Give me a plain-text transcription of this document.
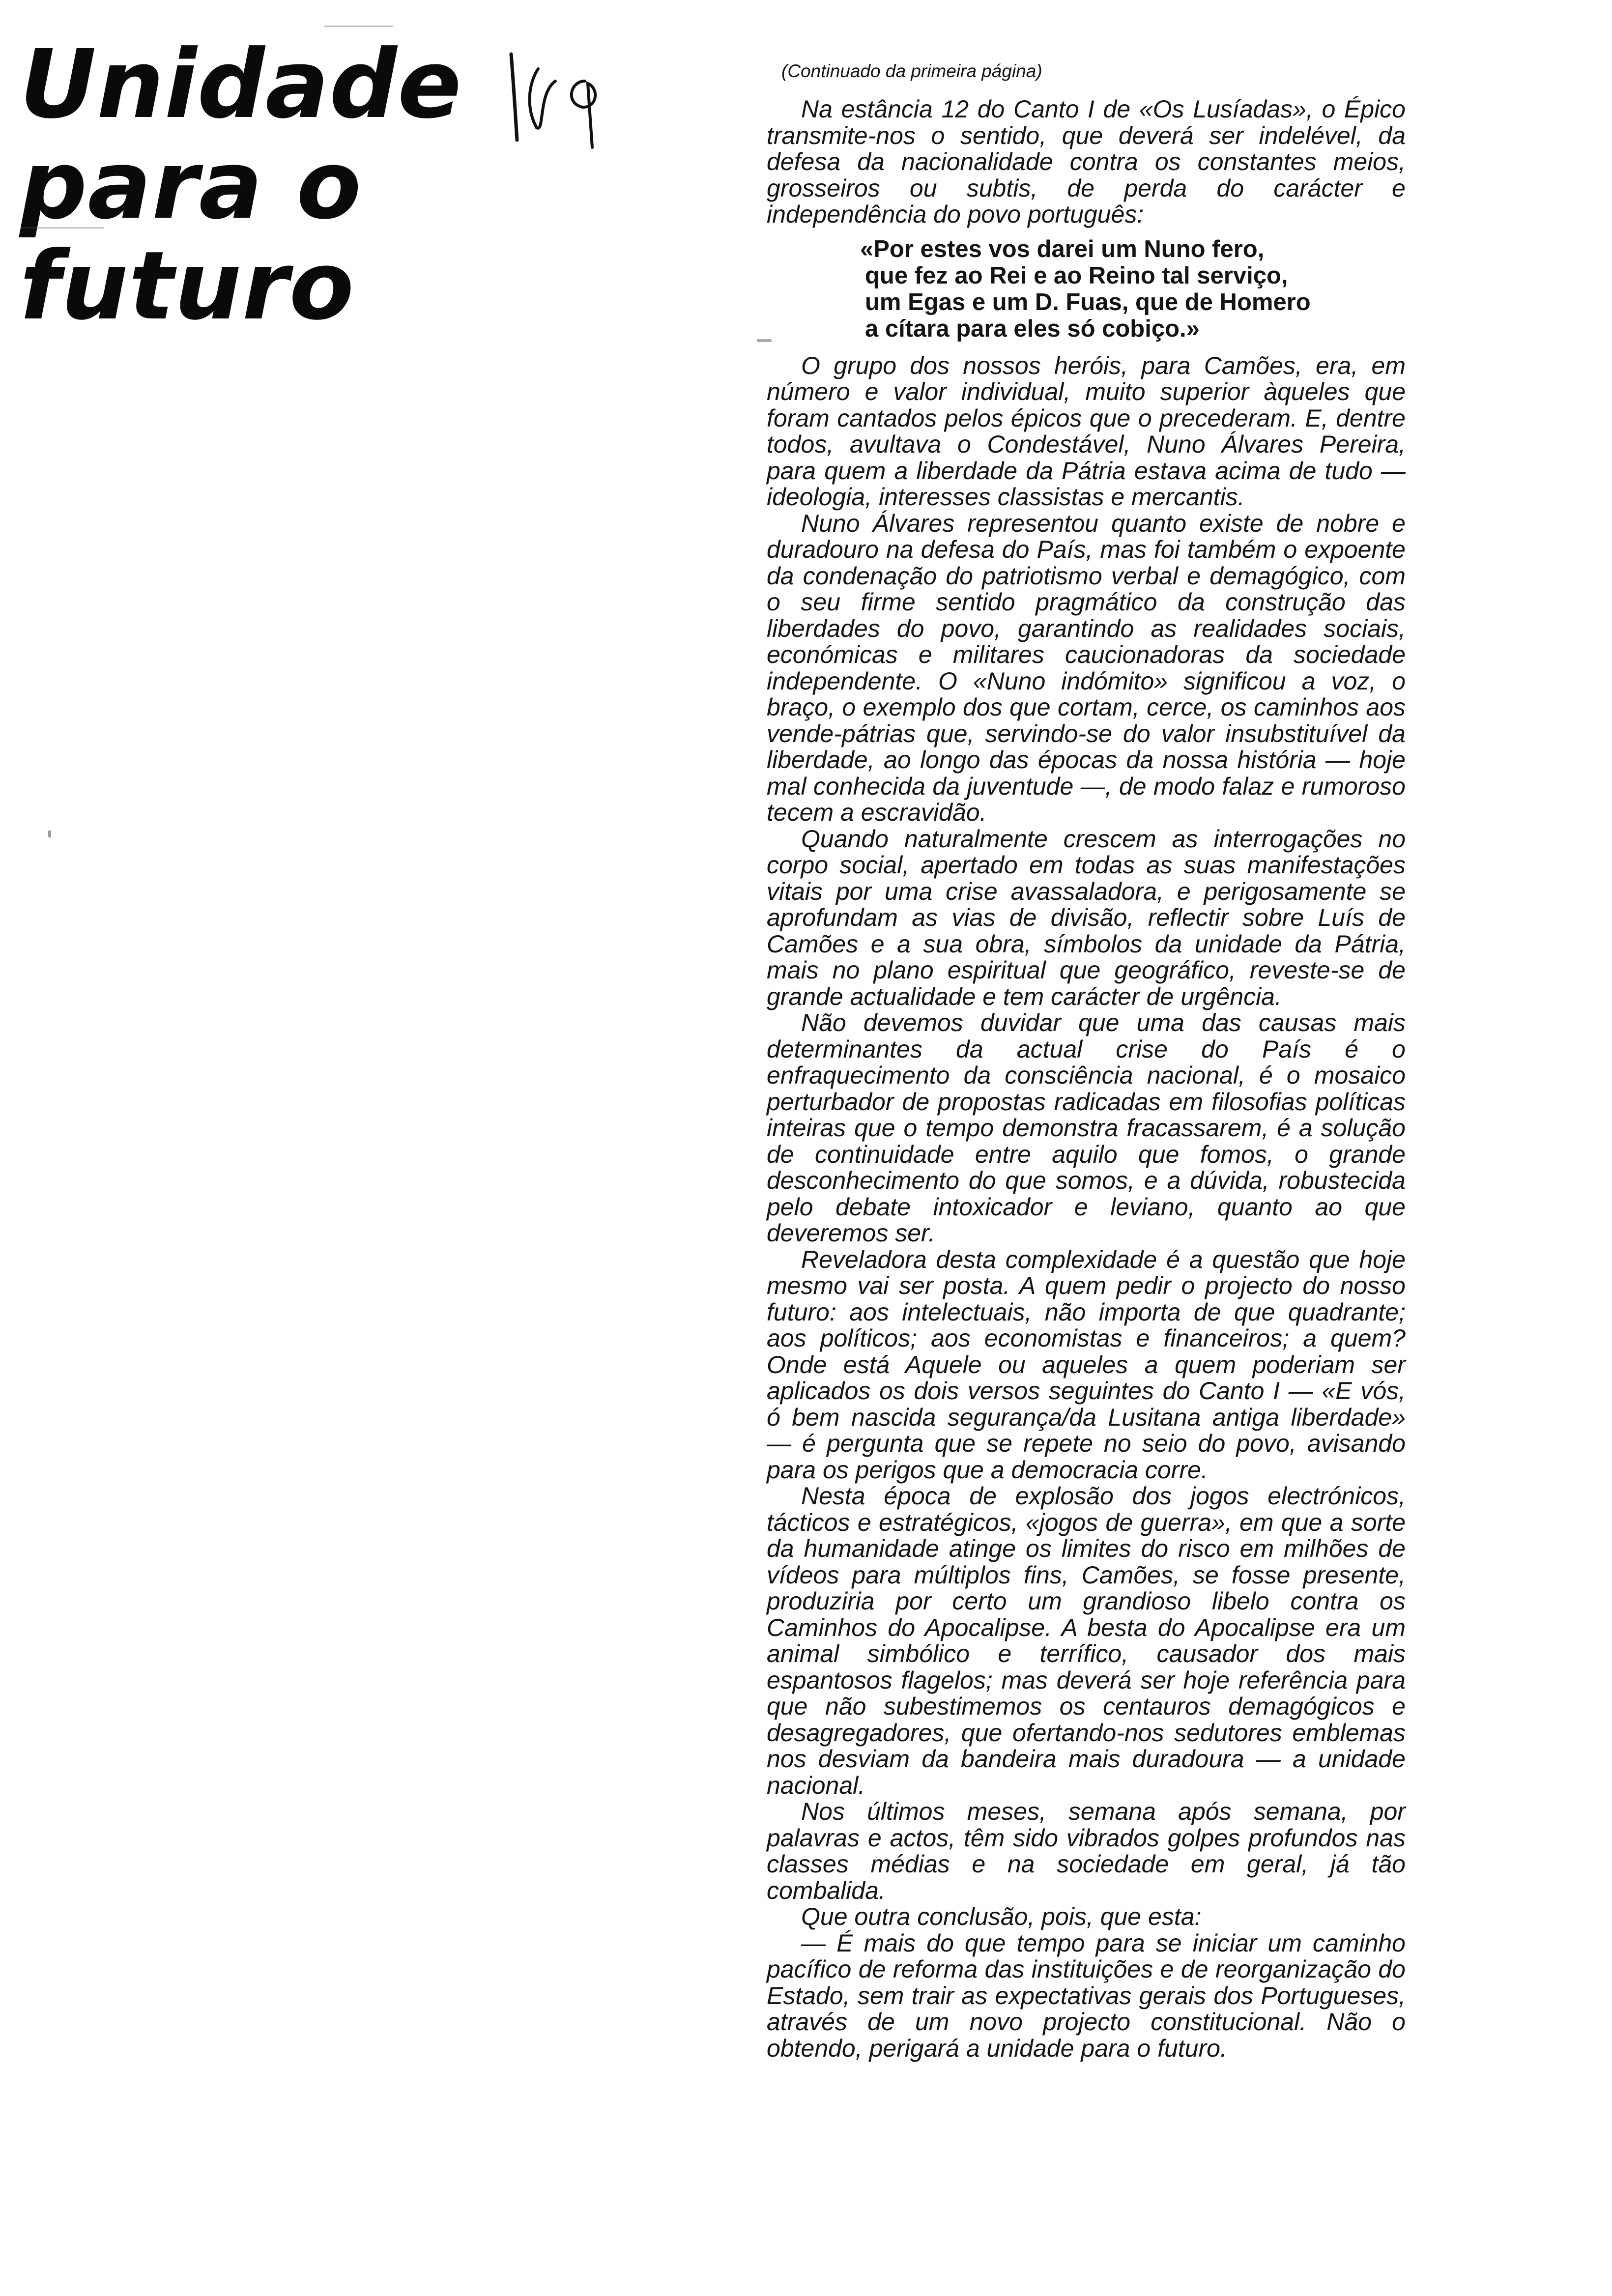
Unidade
para o futuro
(Continuado da primeira página)

Na estância 12 do Canto I de «Os Lusíadas», o Épico transmite-nos o sentido, que deverá ser indelével, da defesa da nacionalidade contra os constantes meios, grosseiros ou subtis, de perda do carácter e independência do povo português:

«Por estes vos darei um Nuno fero,
que fez ao Rei e ao Reino tal serviço,
um Egas e um D. Fuas, que de Homero
a cítara para eles só cobiço.»

O grupo dos nossos heróis, para Camões, era, em número e valor individual, muito superior àqueles que foram cantados pelos épicos que o precederam. E, dentre todos, avultava o Condestável, Nuno Álvares Pereira, para quem a liberdade da Pátria estava acima de tudo — ideologia, interesses classistas e mercantis.

Nuno Álvares representou quanto existe de nobre e duradouro na defesa do País, mas foi também o expoente da condenação do patriotismo verbal e demagógico, com o seu firme sentido pragmático da construção das liberdades do povo, garantindo as realidades sociais, económicas e militares caucionadoras da sociedade independente. O «Nuno indómito» significou a voz, o braço, o exemplo dos que cortam, cerce, os caminhos aos vende-pátrias que, servindo-se do valor insubstituível da liberdade, ao longo das épocas da nossa história — hoje mal conhecida da juventude —, de modo falaz e rumoroso tecem a escravidão.

Quando naturalmente crescem as interrogações no corpo social, apertado em todas as suas manifestações vitais por uma crise avassaladora, e perigosamente se aprofundam as vias de divisão, reflectir sobre Luís de Camões e a sua obra, símbolos da unidade da Pátria, mais no plano espiritual que geográfico, reveste-se de grande actualidade e tem carácter de urgência.

Não devemos duvidar que uma das causas mais determinantes da actual crise do País é o enfraquecimento da consciência nacional, é o mosaico perturbador de propostas radicadas em filosofias políticas inteiras que o tempo demonstra fracassarem, é a solução de continuidade entre aquilo que fomos, o grande desconhecimento do que somos, e a dúvida, robustecida pelo debate intoxicador e leviano, quanto ao que deveremos ser.

Reveladora desta complexidade é a questão que hoje mesmo vai ser posta. A quem pedir o projecto do nosso futuro: aos intelectuais, não importa de que quadrante; aos políticos; aos economistas e financeiros; a quem? Onde está Aquele ou aqueles a quem poderiam ser aplicados os dois versos seguintes do Canto I — «E vós, ó bem nascida segurança/da Lusitana antiga liberdade» — é pergunta que se repete no seio do povo, avisando para os perigos que a democracia corre.

Nesta época de explosão dos jogos electrónicos, tácticos e estratégicos, «jogos de guerra», em que a sorte da humanidade atinge os limites do risco em milhões de vídeos para múltiplos fins, Camões, se fosse presente, produziria por certo um grandioso libelo contra os Caminhos do Apocalipse. A besta do Apocalipse era um animal simbólico e terrífico, causador dos mais espantosos flagelos; mas deverá ser hoje referência para que não subestimemos os centauros demagógicos e desagregadores, que ofertando-nos sedutores emblemas nos desviam da bandeira mais duradoura — a unidade nacional.

Nos últimos meses, semana após semana, por palavras e actos, têm sido vibrados golpes profundos nas classes médias e na sociedade em geral, já tão combalida.

Que outra conclusão, pois, que esta:

— É mais do que tempo para se iniciar um caminho pacífico de reforma das instituições e de reorganização do Estado, sem trair as expectativas gerais dos Portugueses, através de um novo projecto constitucional. Não o obtendo, perigará a unidade para o futuro.
